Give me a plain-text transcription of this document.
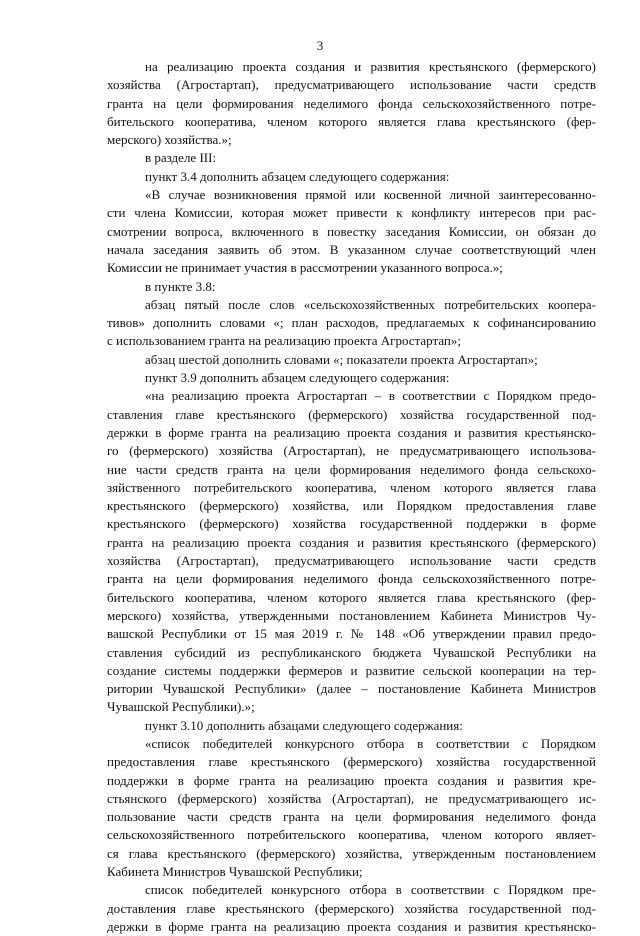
3
на реализацию проекта создания и развития крестьянского (фермерского)
хозяйства (Агростартап), предусматривающего использование части средств
гранта на цели формирования неделимого фонда сельскохозяйственного потре-
бительского кооператива, членом которого является глава крестьянского (фер-
мерского) хозяйства.»;
в разделе III:
пункт 3.4 дополнить абзацем следующего содержания:
«В случае возникновения прямой или косвенной личной заинтересованно-
сти члена Комиссии, которая может привести к конфликту интересов при рас-
смотрении вопроса, включенного в повестку заседания Комиссии, он обязан до
начала заседания заявить об этом. В указанном случае соответствующий член
Комиссии не принимает участия в рассмотрении указанного вопроса.»;
в пункте 3.8:
абзац пятый после слов «сельскохозяйственных потребительских коопера-
тивов» дополнить словами «; план расходов, предлагаемых к софинансированию
с использованием гранта на реализацию проекта Агростартап»;
абзац шестой дополнить словами «; показатели проекта Агростартап»;
пункт 3.9 дополнить абзацем следующего содержания:
«на реализацию проекта Агростартап – в соответствии с Порядком предо-
ставления главе крестьянского (фермерского) хозяйства государственной под-
держки в форме гранта на реализацию проекта создания и развития крестьянско-
го (фермерского) хозяйства (Агростартап), не предусматривающего использова-
ние части средств гранта на цели формирования неделимого фонда сельскохо-
зяйственного потребительского кооператива, членом которого является глава
крестьянского (фермерского) хозяйства, или Порядком предоставления главе
крестьянского (фермерского) хозяйства государственной поддержки в форме
гранта на реализацию проекта создания и развития крестьянского (фермерского)
хозяйства (Агростартап), предусматривающего использование части средств
гранта на цели формирования неделимого фонда сельскохозяйственного потре-
бительского кооператива, членом которого является глава крестьянского (фер-
мерского) хозяйства, утвержденными постановлением Кабинета Министров Чу-
вашской Республики от 15 мая 2019 г. № 148 «Об утверждении правил предо-
ставления субсидий из республиканского бюджета Чувашской Республики на
создание системы поддержки фермеров и развитие сельской кооперации на тер-
ритории Чувашской Республики» (далее – постановление Кабинета Министров
Чувашской Республики).»;
пункт 3.10 дополнить абзацами следующего содержания:
«список победителей конкурсного отбора в соответствии с Порядком
предоставления главе крестьянского (фермерского) хозяйства государственной
поддержки в форме гранта на реализацию проекта создания и развития кре-
стьянского (фермерского) хозяйства (Агростартап), не предусматривающего ис-
пользование части средств гранта на цели формирования неделимого фонда
сельскохозяйственного потребительского кооператива, членом которого являет-
ся глава крестьянского (фермерского) хозяйства, утвержденным постановлением
Кабинета Министров Чувашской Республики;
список победителей конкурсного отбора в соответствии с Порядком пре-
доставления главе крестьянского (фермерского) хозяйства государственной под-
держки в форме гранта на реализацию проекта создания и развития крестьянско-
